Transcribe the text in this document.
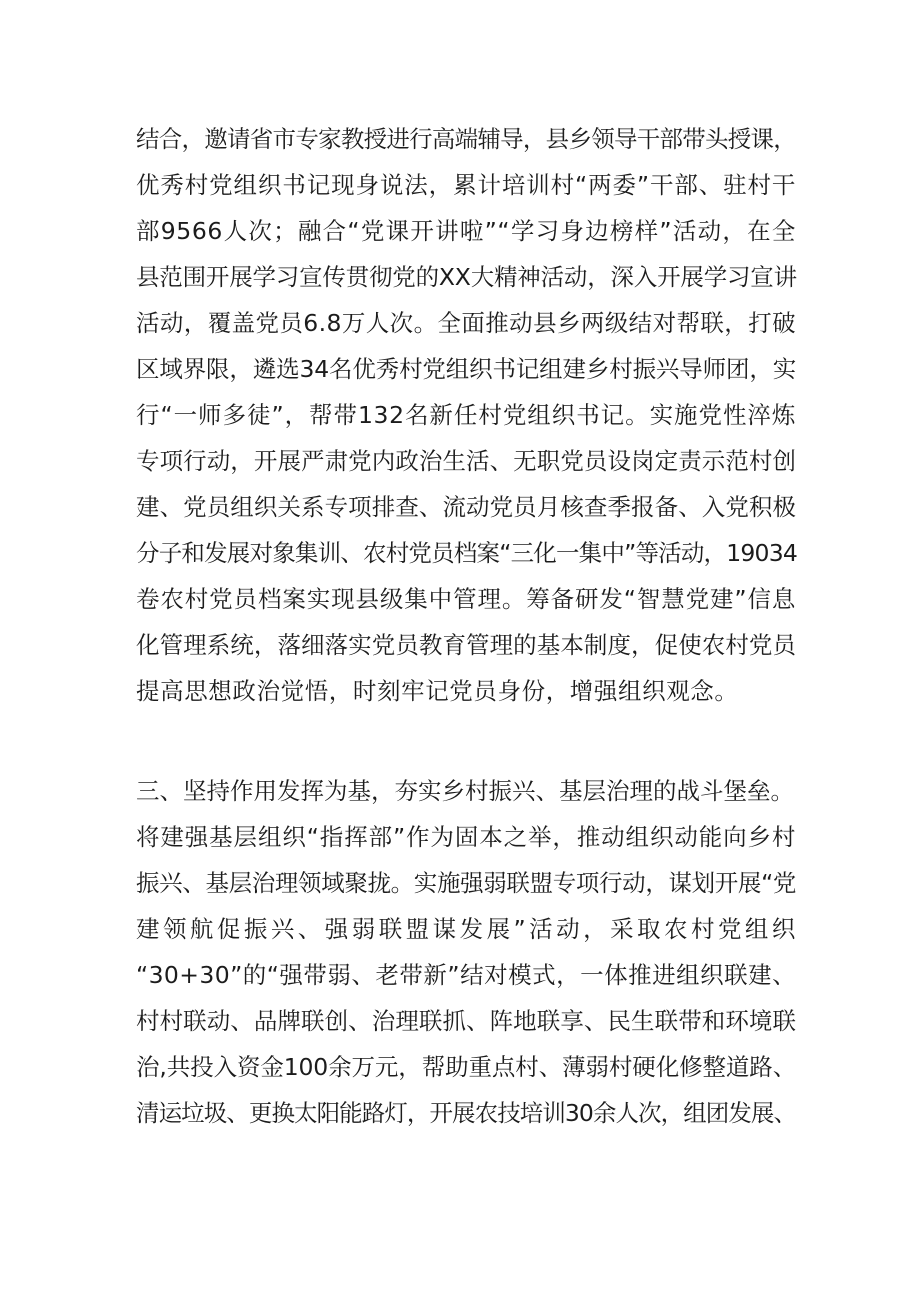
结合，邀请省市专家教授进行高端辅导，县乡领导干部带头授课，
优秀村党组织书记现身说法，累计培训村“两委”干部、驻村干
部9566人次；融合“党课开讲啦”“学习身边榜样”活动，在全
县范围开展学习宣传贯彻党的XX大精神活动，深入开展学习宣讲
活动，覆盖党员6.8万人次。全面推动县乡两级结对帮联，打破
区域界限，遴选34名优秀村党组织书记组建乡村振兴导师团，实
行“一师多徒”，帮带132名新任村党组织书记。实施党性淬炼
专项行动，开展严肃党内政治生活、无职党员设岗定责示范村创
建、党员组织关系专项排查、流动党员月核查季报备、入党积极
分子和发展对象集训、农村党员档案“三化一集中”等活动，19034
卷农村党员档案实现县级集中管理。筹备研发“智慧党建”信息
化管理系统，落细落实党员教育管理的基本制度，促使农村党员
提高思想政治觉悟，时刻牢记党员身份，增强组织观念。
三、坚持作用发挥为基，夯实乡村振兴、基层治理的战斗堡垒。
将建强基层组织“指挥部”作为固本之举，推动组织动能向乡村
振兴、基层治理领域聚拢。实施强弱联盟专项行动，谋划开展“党
建领航促振兴、强弱联盟谋发展”活动，采取农村党组织
“30+30”的“强带弱、老带新”结对模式，一体推进组织联建、
村村联动、品牌联创、治理联抓、阵地联享、民生联带和环境联
治,共投入资金100余万元，帮助重点村、薄弱村硬化修整道路、
清运垃圾、更换太阳能路灯，开展农技培训30余人次，组团发展、
